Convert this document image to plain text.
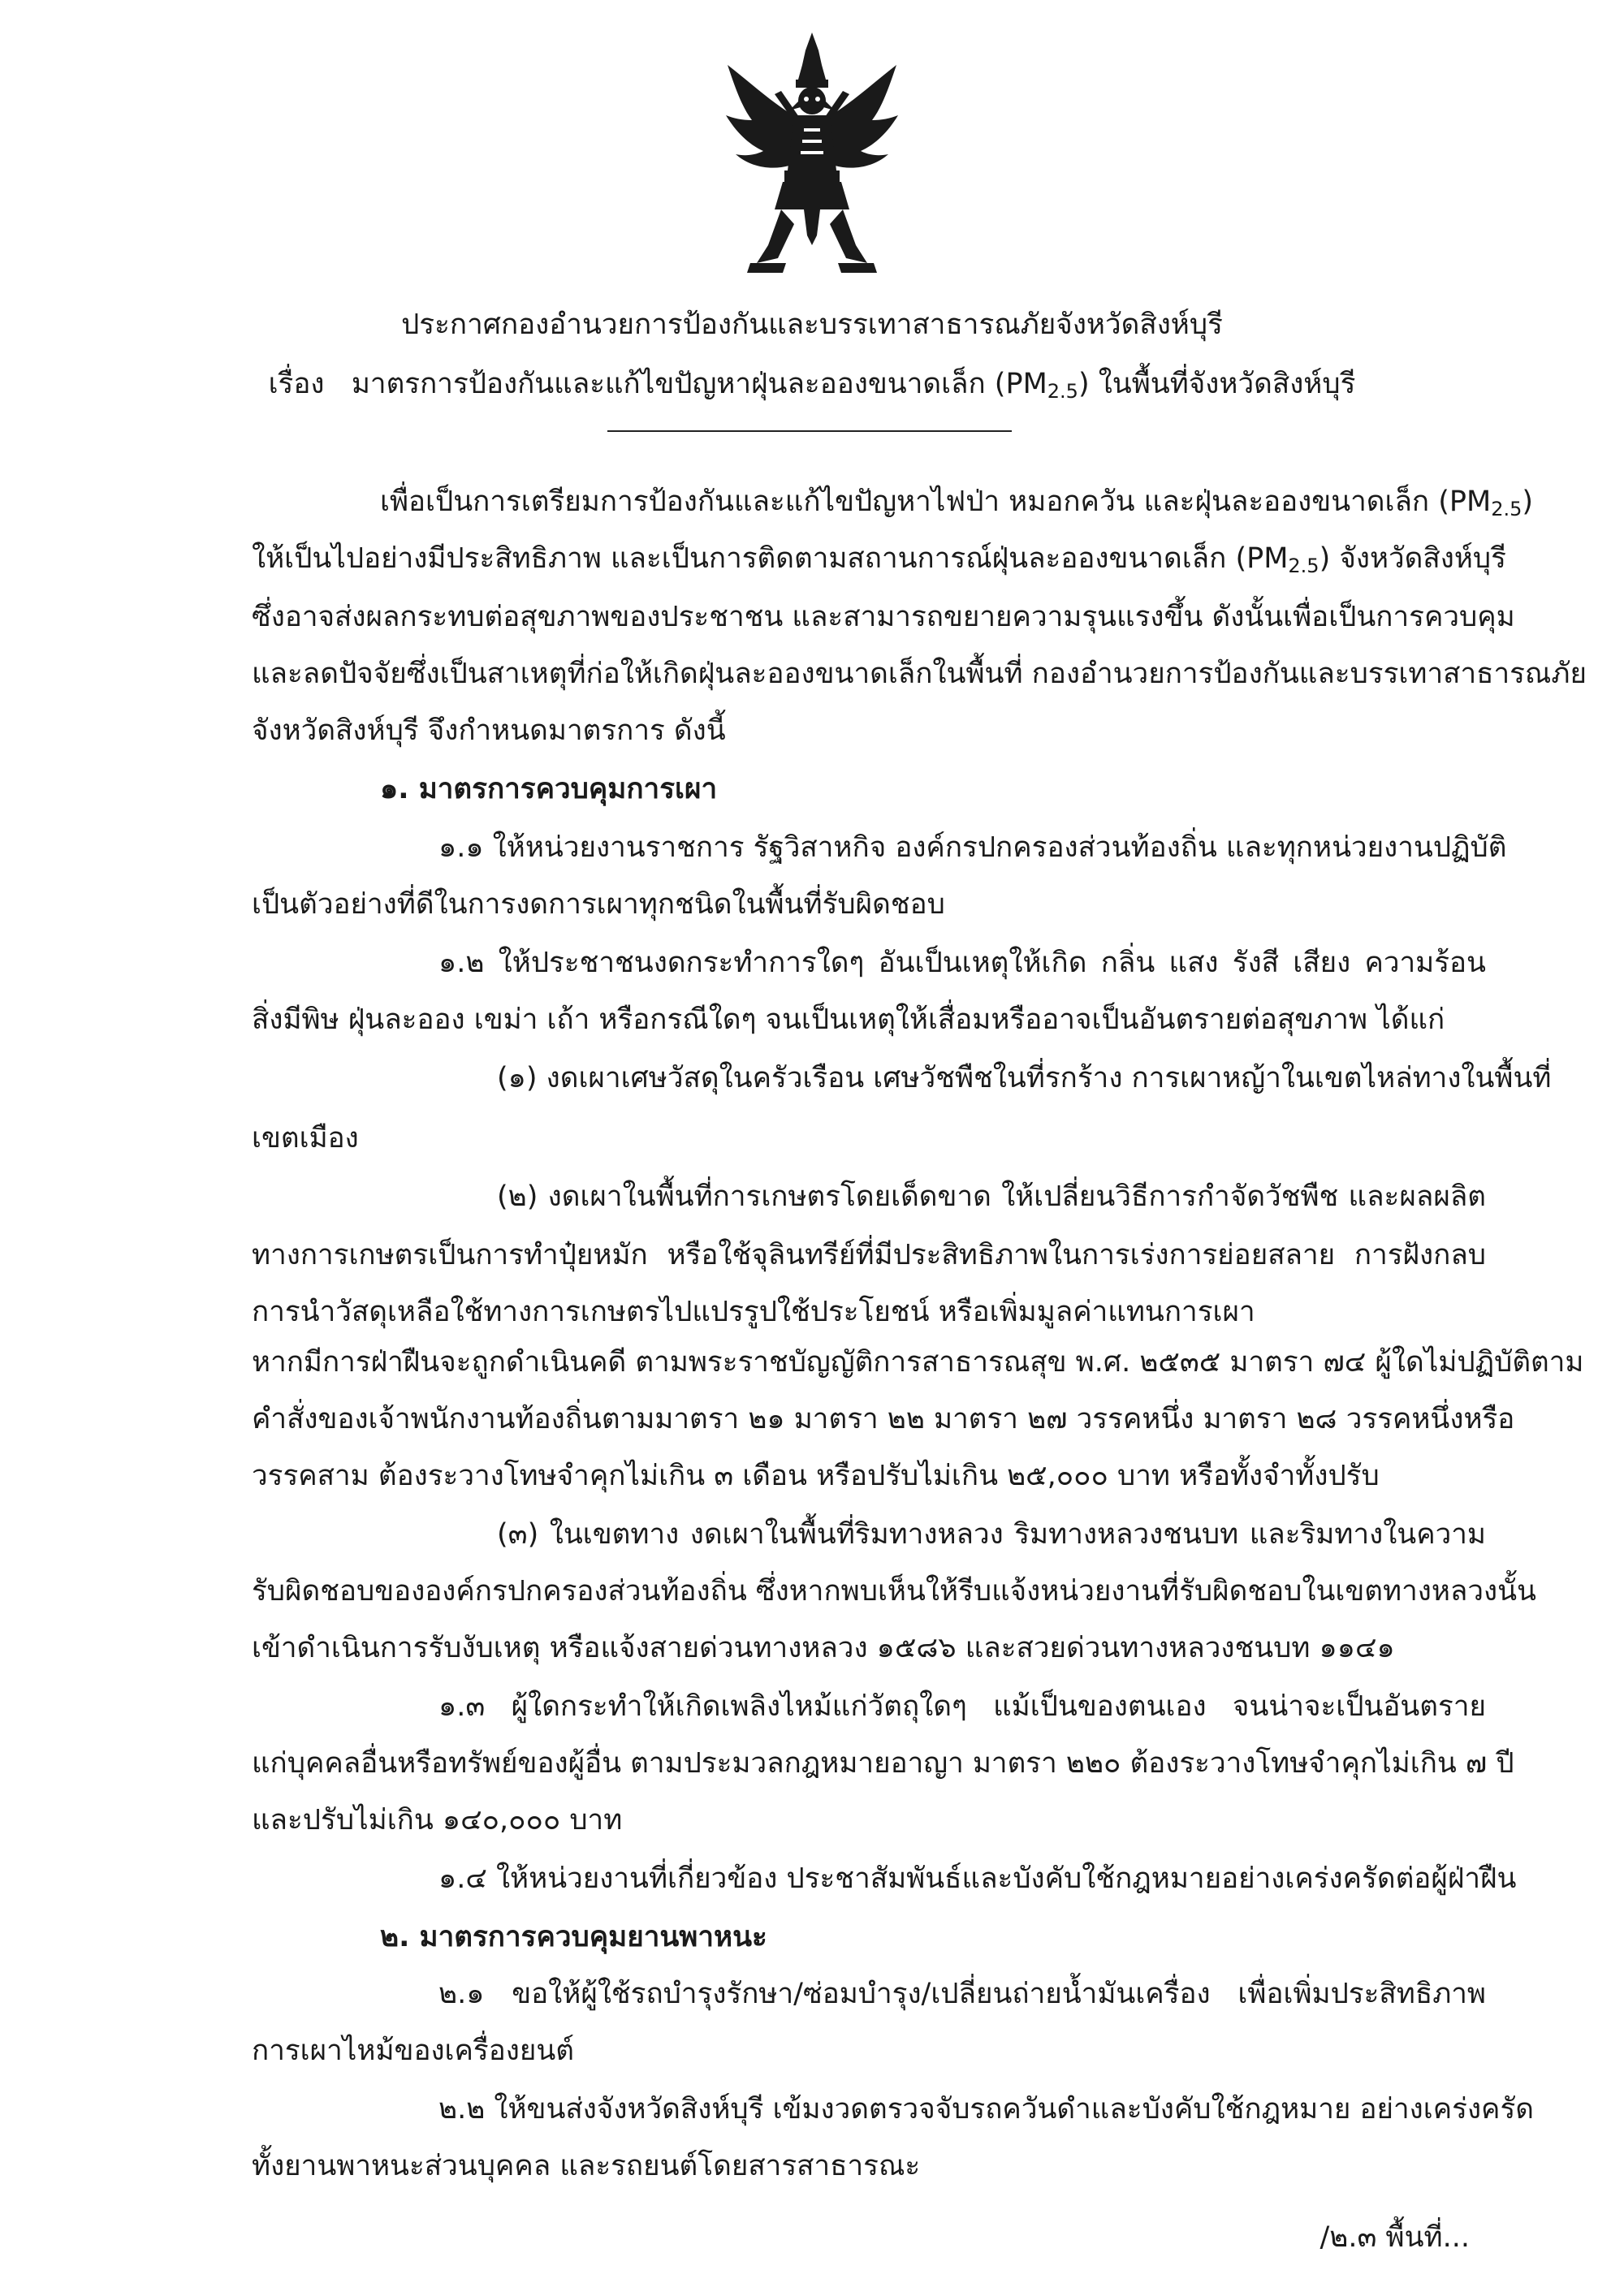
ประกาศกองอำนวยการป้องกันและบรรเทาสาธารณภัยจังหวัดสิงห์บุรี
เรื่อง มาตรการป้องกันและแก้ไขปัญหาฝุ่นละอองขนาดเล็ก $(PM_{2.5})$ ในพื้นที่จังหวัดสิงห์บุรี
เพื่อเป็นการเตรียมการป้องกันและแก้ไขปัญหาไฟป่า หมอกควัน และฝุ่นละอองขนาดเล็ก $(PM_{2.5})$
ให้เป็นไปอย่างมีประสิทธิภาพ และเป็นการติดตามสถานการณ์ฝุ่นละอองขนาดเล็ก $(PM_{2.5})$ จังหวัดสิงห์บุรี
ซึ่งอาจส่งผลกระทบต่อสุขภาพของประชาชน และสามารถขยายความรุนแรงขึ้น ดังนั้นเพื่อเป็นการควบคุม
และลดปัจจัยซึ่งเป็นสาเหตุที่ก่อให้เกิดฝุ่นละอองขนาดเล็กในพื้นที่ กองอำนวยการป้องกันและบรรเทาสาธารณภัย
จังหวัดสิงห์บุรี จึงกำหนดมาตรการ ดังนี้
๑. มาตรการควบคุมการเผา
๑.๑ ให้หน่วยงานราชการ รัฐวิสาหกิจ องค์กรปกครองส่วนท้องถิ่น และทุกหน่วยงานปฏิบัติ
เป็นตัวอย่างที่ดีในการงดการเผาทุกชนิดในพื้นที่รับผิดชอบ
๑.๒ ให้ประชาชนงดกระทำการใดๆ อันเป็นเหตุให้เกิด กลิ่น แสง รังสี เสียง ความร้อน
สิ่งมีพิษ ฝุ่นละออง เขม่า เถ้า หรือกรณีใดๆ จนเป็นเหตุให้เสื่อมหรืออาจเป็นอันตรายต่อสุขภาพ ได้แก่
(๑) งดเผาเศษวัสดุในครัวเรือน เศษวัชพืชในที่รกร้าง การเผาหญ้าในเขตไหล่ทางในพื้นที่
เขตเมือง
(๒) งดเผาในพื้นที่การเกษตรโดยเด็ดขาด ให้เปลี่ยนวิธีการกำจัดวัชพืช และผลผลิต
ทางการเกษตรเป็นการทำปุ๋ยหมัก หรือใช้จุลินทรีย์ที่มีประสิทธิภาพในการเร่งการย่อยสลาย การฝังกลบ
การนำวัสดุเหลือใช้ทางการเกษตรไปแปรรูปใช้ประโยชน์ หรือเพิ่มมูลค่าแทนการเผา
หากมีการฝ่าฝืนจะถูกดำเนินคดี ตามพระราชบัญญัติการสาธารณสุข พ.ศ. ๒๕๓๕ มาตรา ๗๔ ผู้ใดไม่ปฏิบัติตาม
คำสั่งของเจ้าพนักงานท้องถิ่นตามมาตรา ๒๑ มาตรา ๒๒ มาตรา ๒๗ วรรคหนึ่ง มาตรา ๒๘ วรรคหนึ่งหรือ
วรรคสาม ต้องระวางโทษจำคุกไม่เกิน ๓ เดือน หรือปรับไม่เกิน ๒๕,๐๐๐ บาท หรือทั้งจำทั้งปรับ
(๓) ในเขตทาง งดเผาในพื้นที่ริมทางหลวง ริมทางหลวงชนบท และริมทางในความ
รับผิดชอบขององค์กรปกครองส่วนท้องถิ่น ซึ่งหากพบเห็นให้รีบแจ้งหน่วยงานที่รับผิดชอบในเขตทางหลวงนั้น
เข้าดำเนินการรับงับเหตุ หรือแจ้งสายด่วนทางหลวง ๑๕๘๖ และสวยด่วนทางหลวงชนบท ๑๑๔๑
๑.๓ ผู้ใดกระทำให้เกิดเพลิงไหม้แก่วัตถุใดๆ แม้เป็นของตนเอง จนน่าจะเป็นอันตราย
แก่บุคคลอื่นหรือทรัพย์ของผู้อื่น ตามประมวลกฎหมายอาญา มาตรา ๒๒๐ ต้องระวางโทษจำคุกไม่เกิน ๗ ปี
และปรับไม่เกิน ๑๔๐,๐๐๐ บาท
๑.๔ ให้หน่วยงานที่เกี่ยวข้อง ประชาสัมพันธ์และบังคับใช้กฎหมายอย่างเคร่งครัดต่อผู้ฝ่าฝืน
๒. มาตรการควบคุมยานพาหนะ
๒.๑ ขอให้ผู้ใช้รถบำรุงรักษา/ซ่อมบำรุง/เปลี่ยนถ่ายน้ำมันเครื่อง เพื่อเพิ่มประสิทธิภาพ
การเผาไหม้ของเครื่องยนต์
๒.๒ ให้ขนส่งจังหวัดสิงห์บุรี เข้มงวดตรวจจับรถควันดำและบังคับใช้กฎหมาย อย่างเคร่งครัด
ทั้งยานพาหนะส่วนบุคคล และรถยนต์โดยสารสาธารณะ
/๒.๓ พื้นที่...
